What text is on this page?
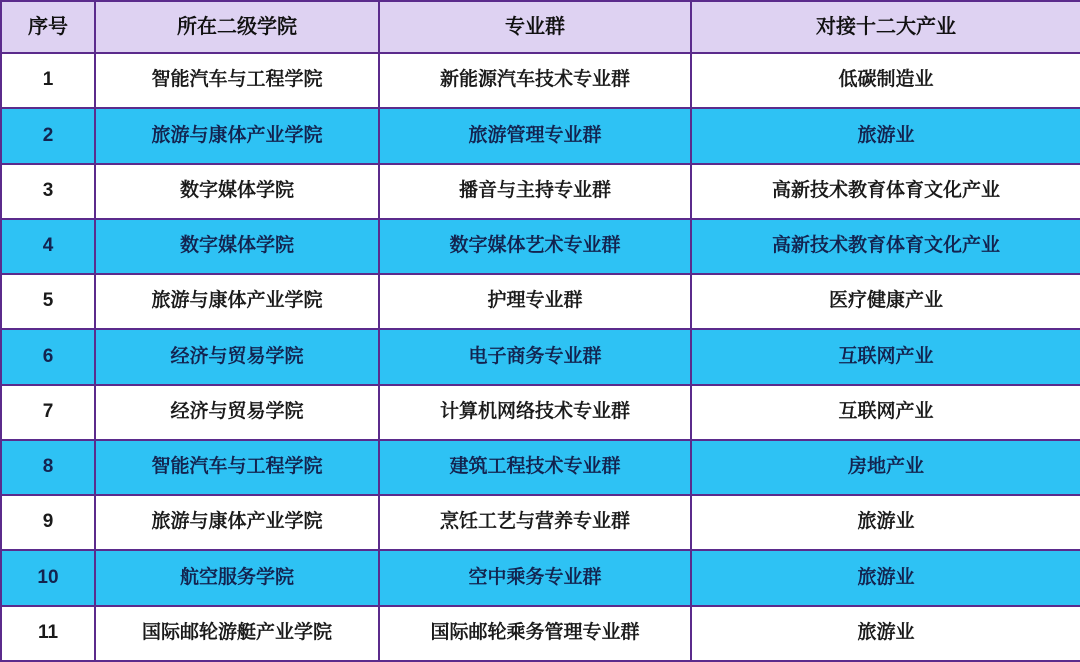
序号	所在二级学院	专业群	对接十二大产业
1	智能汽车与工程学院	新能源汽车技术专业群	低碳制造业
2	旅游与康体产业学院	旅游管理专业群	旅游业
3	数字媒体学院	播音与主持专业群	高新技术教育体育文化产业
4	数字媒体学院	数字媒体艺术专业群	高新技术教育体育文化产业
5	旅游与康体产业学院	护理专业群	医疗健康产业
6	经济与贸易学院	电子商务专业群	互联网产业
7	经济与贸易学院	计算机网络技术专业群	互联网产业
8	智能汽车与工程学院	建筑工程技术专业群	房地产业
9	旅游与康体产业学院	烹饪工艺与营养专业群	旅游业
10	航空服务学院	空中乘务专业群	旅游业
11	国际邮轮游艇产业学院	国际邮轮乘务管理专业群	旅游业
